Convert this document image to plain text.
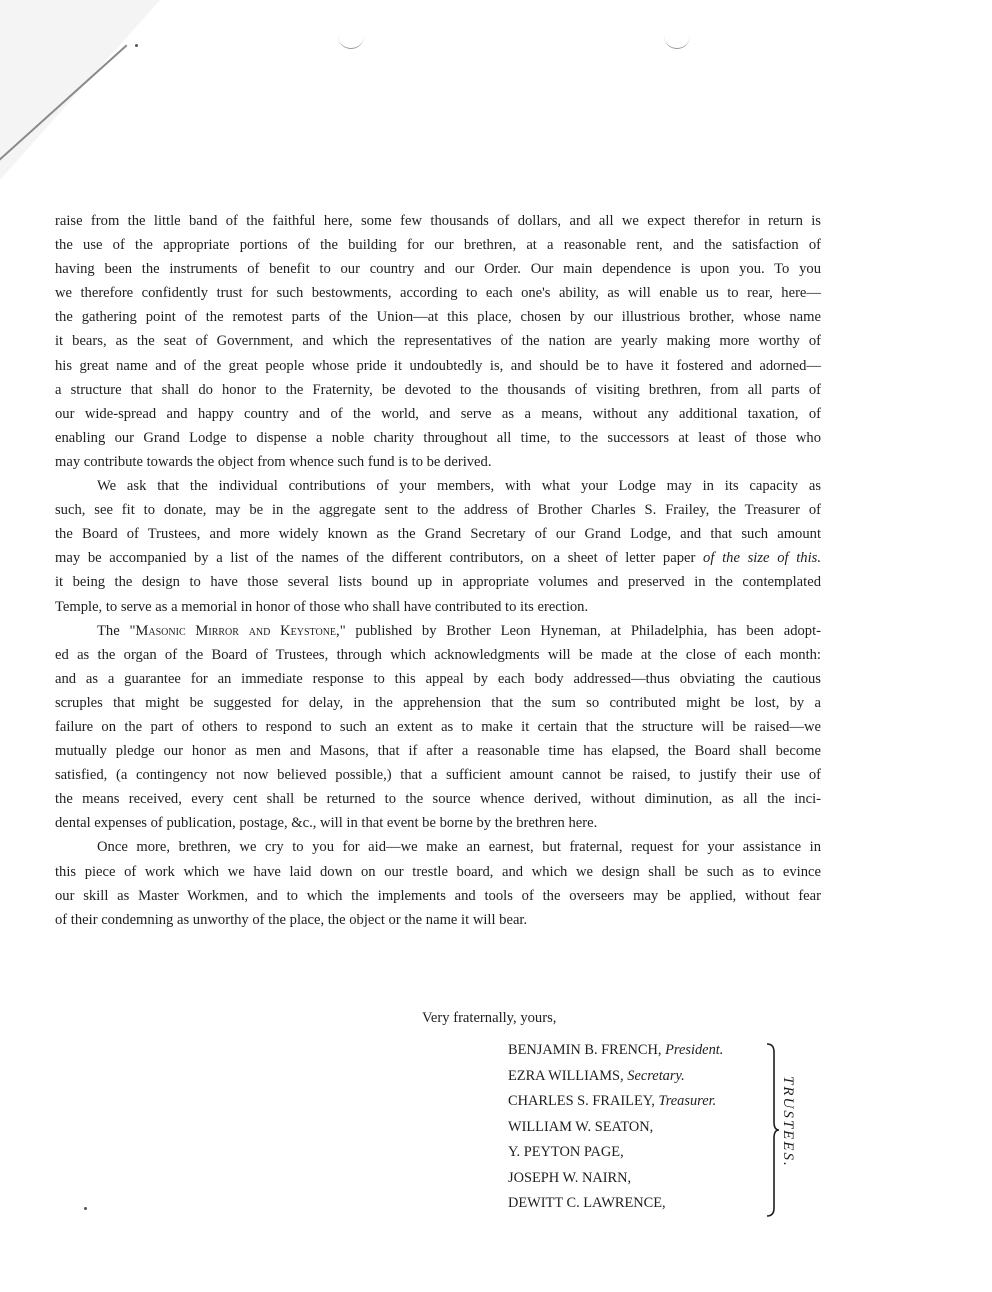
raise from the little band of the faithful here, some few thousands of dollars, and all we expect therefor in return is
the use of the appropriate portions of the building for our brethren, at a reasonable rent, and the satisfaction of
having been the instruments of benefit to our country and our Order. Our main dependence is upon you. To you
we therefore confidently trust for such bestowments, according to each one's ability, as will enable us to rear, here—
the gathering point of the remotest parts of the Union—at this place, chosen by our illustrious brother, whose name
it bears, as the seat of Government, and which the representatives of the nation are yearly making more worthy of
his great name and of the great people whose pride it undoubtedly is, and should be to have it fostered and adorned—
a structure that shall do honor to the Fraternity, be devoted to the thousands of visiting brethren, from all parts of
our wide-spread and happy country and of the world, and serve as a means, without any additional taxation, of
enabling our Grand Lodge to dispense a noble charity throughout all time, to the successors at least of those who
may contribute towards the object from whence such fund is to be derived.
We ask that the individual contributions of your members, with what your Lodge may in its capacity as
such, see fit to donate, may be in the aggregate sent to the address of Brother Charles S. Frailey, the Treasurer of
the Board of Trustees, and more widely known as the Grand Secretary of our Grand Lodge, and that such amount
may be accompanied by a list of the names of the different contributors, on a sheet of letter paper of the size of this.
it being the design to have those several lists bound up in appropriate volumes and preserved in the contemplated
Temple, to serve as a memorial in honor of those who shall have contributed to its erection.
The "Masonic Mirror and Keystone," published by Brother Leon Hyneman, at Philadelphia, has been adopt-
ed as the organ of the Board of Trustees, through which acknowledgments will be made at the close of each month:
and as a guarantee for an immediate response to this appeal by each body addressed—thus obviating the cautious
scruples that might be suggested for delay, in the apprehension that the sum so contributed might be lost, by a
failure on the part of others to respond to such an extent as to make it certain that the structure will be raised—we
mutually pledge our honor as men and Masons, that if after a reasonable time has elapsed, the Board shall become
satisfied, (a contingency not now believed possible,) that a sufficient amount cannot be raised, to justify their use of
the means received, every cent shall be returned to the source whence derived, without diminution, as all the inci-
dental expenses of publication, postage, &c., will in that event be borne by the brethren here.
Once more, brethren, we cry to you for aid—we make an earnest, but fraternal, request for your assistance in
this piece of work which we have laid down on our trestle board, and which we design shall be such as to evince
our skill as Master Workmen, and to which the implements and tools of the overseers may be applied, without fear
of their condemning as unworthy of the place, the object or the name it will bear.
Very fraternally, yours,
BENJAMIN B. FRENCH, President.
EZRA WILLIAMS, Secretary.
CHARLES S. FRAILEY, Treasurer.
WILLIAM W. SEATON,
Y. PEYTON PAGE,
JOSEPH W. NAIRN,
DEWITT C. LAWRENCE,
TRUSTEES.
